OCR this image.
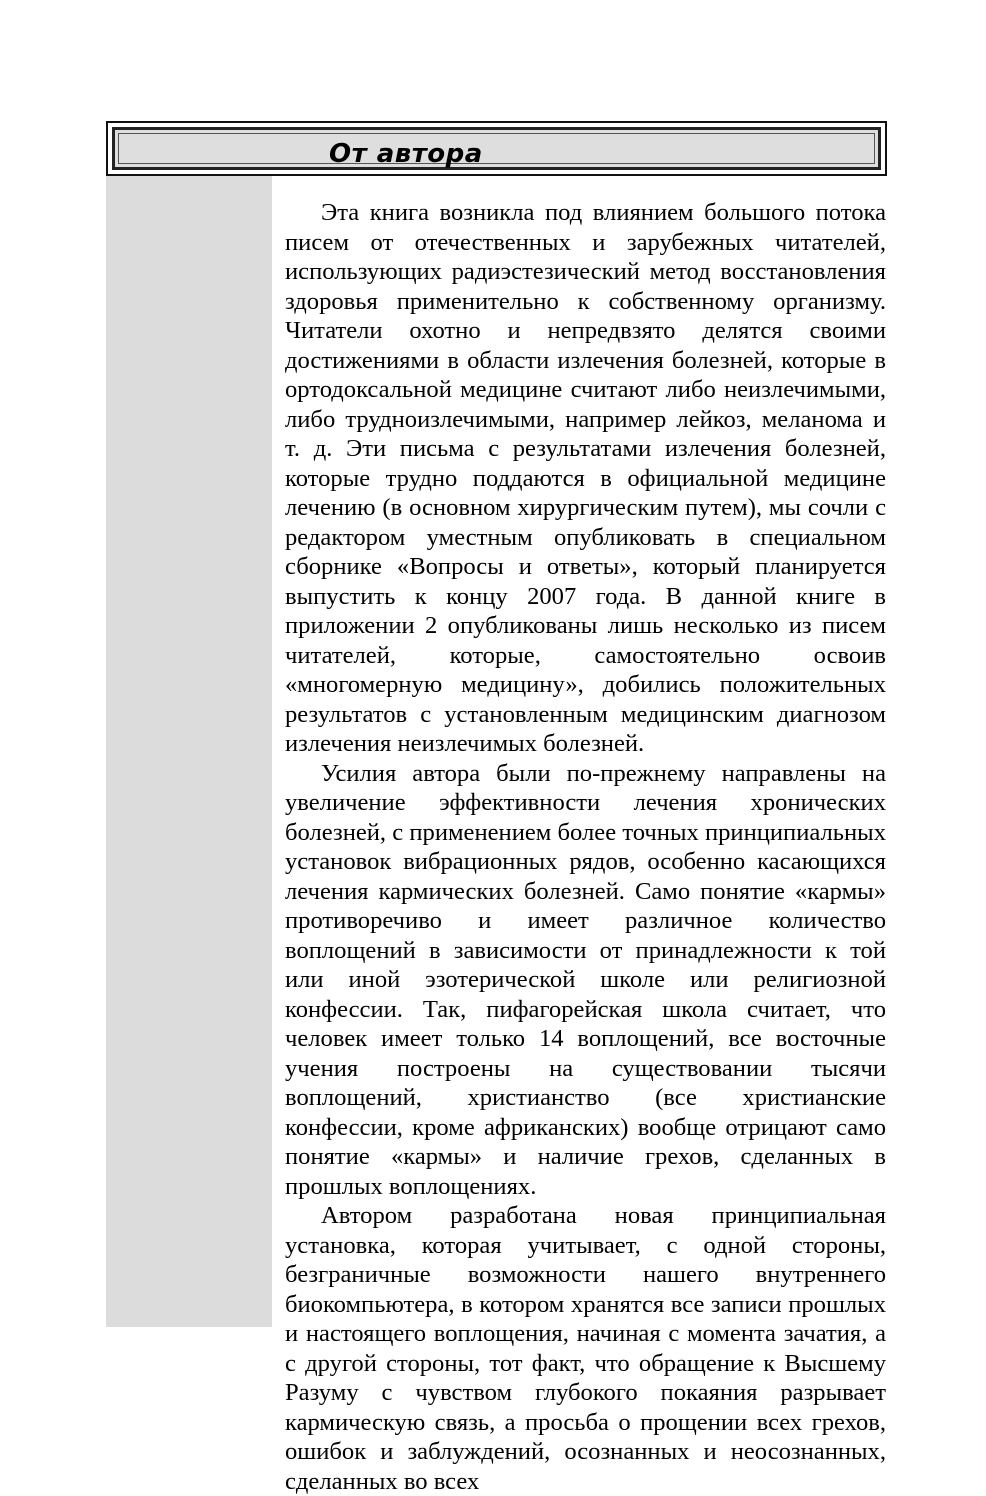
От автора

Эта книга возникла под влиянием большого потока писем от отечественных и зарубежных читателей, использующих радиэстезический метод восстановления здоровья применительно к собственному организму. Читатели охотно и непредвзято делятся своими достижениями в области излечения болезней, которые в ортодоксальной медицине считают либо неизлечимыми, либо трудноизлечимыми, например лейкоз, меланома и т. д. Эти письма с результатами излечения болезней, которые трудно поддаются в официальной медицине лечению (в основном хирургическим путем), мы сочли с редактором уместным опубликовать в специальном сборнике «Вопросы и ответы», который планируется выпустить к концу 2007 года. В данной книге в приложении 2 опубликованы лишь несколько из писем читателей, которые, самостоятельно освоив «многомерную медицину», добились положительных результатов с установленным медицинским диагнозом излечения неизлечимых болезней.

Усилия автора были по-прежнему направлены на увеличение эффективности лечения хронических болезней, с применением более точных принципиальных установок вибрационных рядов, особенно касающихся лечения кармических болезней. Само понятие «кармы» противоречиво и имеет различное количество воплощений в зависимости от принадлежности к той или иной эзотерической школе или религиозной конфессии. Так, пифагорейская школа считает, что человек имеет только 14 воплощений, все восточные учения построены на существовании тысячи воплощений, христианство (все христианские конфессии, кроме африканских) вообще отрицают само понятие «кармы» и наличие грехов, сделанных в прошлых воплощениях.

Автором разработана новая принципиальная установка, которая учитывает, с одной стороны, безграничные возможности нашего внутреннего биокомпьютера, в котором хранятся все записи прошлых и настоящего воплощения, начиная с момента зачатия, а с другой стороны, тот факт, что обращение к Высшему Разуму с чувством глубокого покаяния разрывает кармическую связь, а просьба о прощении всех грехов, ошибок и заблуждений, осознанных и неосознанных, сделанных во всех
